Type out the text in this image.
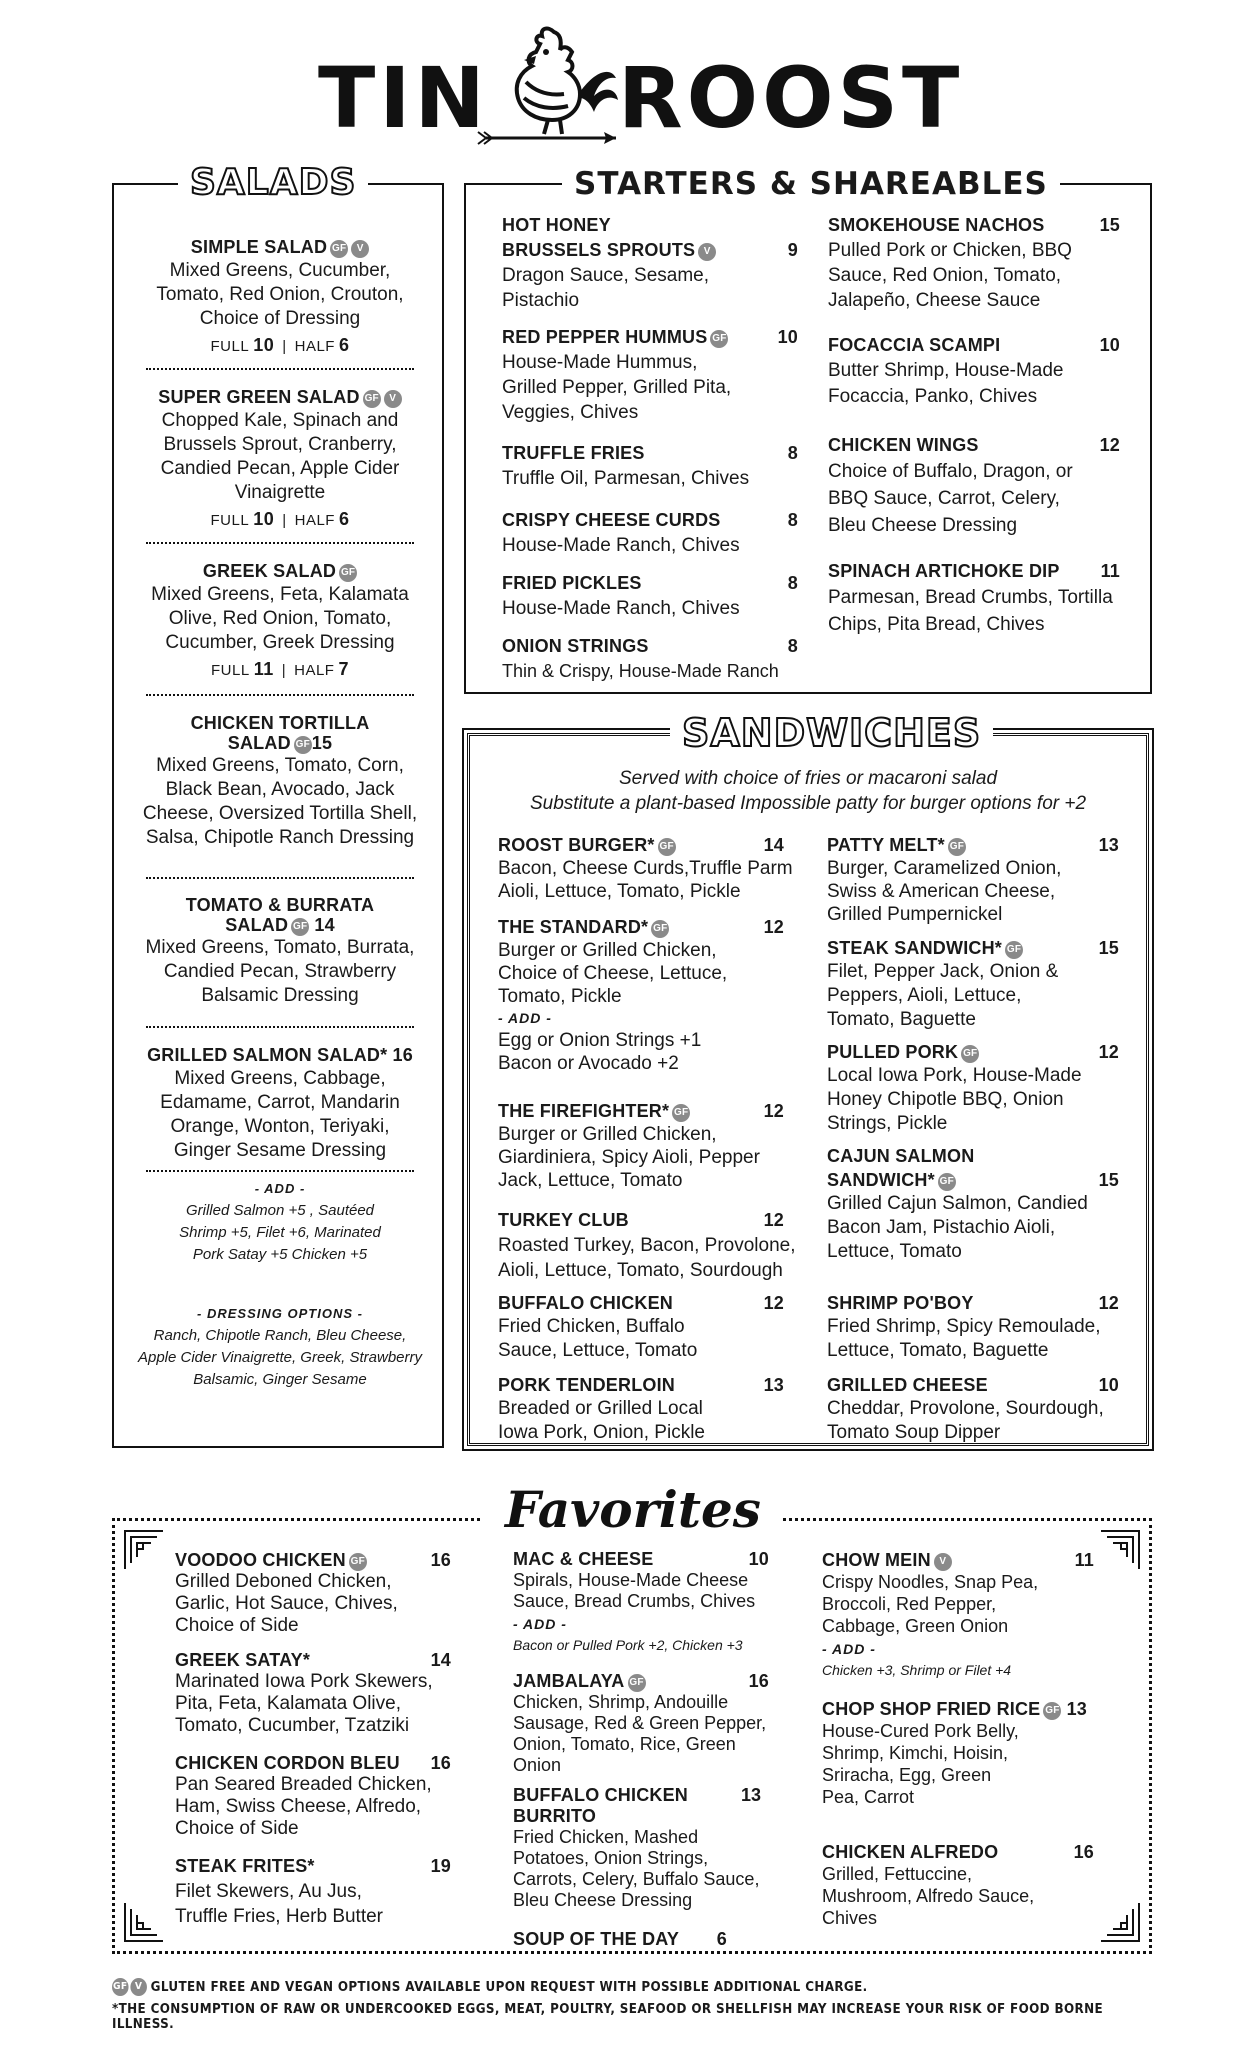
TIN ROOST
SALADS
SIMPLE SALAD GF V
Mixed Greens, Cucumber, Tomato, Red Onion, Crouton, Choice of Dressing
FULL 10 | HALF 6
SUPER GREEN SALAD GF V
Chopped Kale, Spinach and Brussels Sprout, Cranberry, Candied Pecan, Apple Cider Vinaigrette
FULL 10 | HALF 6
GREEK SALAD GF
Mixed Greens, Feta, Kalamata Olive, Red Onion, Tomato, Cucumber, Greek Dressing
FULL 11 | HALF 7
CHICKEN TORTILLA
SALAD GF 15
Mixed Greens, Tomato, Corn, Black Bean, Avocado, Jack Cheese, Oversized Tortilla Shell, Salsa, Chipotle Ranch Dressing
TOMATO & BURRATA
SALAD GF 14
Mixed Greens, Tomato, Burrata, Candied Pecan, Strawberry Balsamic Dressing
GRILLED SALMON SALAD* 16
Mixed Greens, Cabbage, Edamame, Carrot, Mandarin Orange, Wonton, Teriyaki, Ginger Sesame Dressing
- ADD -
Grilled Salmon +5 , Sautéed Shrimp +5, Filet +6, Marinated Pork Satay +5 Chicken +5
- DRESSING OPTIONS -
Ranch, Chipotle Ranch, Bleu Cheese, Apple Cider Vinaigrette, Greek, Strawberry Balsamic, Ginger Sesame
STARTERS & SHAREABLES
HOT HONEY
BRUSSELS SPROUTS V	9
Dragon Sauce, Sesame, Pistachio
RED PEPPER HUMMUS GF	10
House-Made Hummus, Grilled Pepper, Grilled Pita, Veggies, Chives
TRUFFLE FRIES	8
Truffle Oil, Parmesan, Chives
CRISPY CHEESE CURDS	8
House-Made Ranch, Chives
FRIED PICKLES	8
House-Made Ranch, Chives
ONION STRINGS	8
Thin & Crispy, House-Made Ranch
SMOKEHOUSE NACHOS	15
Pulled Pork or Chicken, BBQ Sauce, Red Onion, Tomato, Jalapeño, Cheese Sauce
FOCACCIA SCAMPI	10
Butter Shrimp, House-Made Focaccia, Panko, Chives
CHICKEN WINGS	12
Choice of Buffalo, Dragon, or BBQ Sauce, Carrot, Celery, Bleu Cheese Dressing
SPINACH ARTICHOKE DIP 11
Parmesan, Bread Crumbs, Tortilla Chips, Pita Bread, Chives
SANDWICHES
Served with choice of fries or macaroni salad
Substitute a plant-based Impossible patty for burger options for +2
ROOST BURGER* GF	14
Bacon, Cheese Curds,Truffle Parm Aioli, Lettuce, Tomato, Pickle
THE STANDARD* GF	12
Burger or Grilled Chicken, Choice of Cheese, Lettuce, Tomato, Pickle
- ADD -
Egg or Onion Strings +1
Bacon or Avocado +2
THE FIREFIGHTER* GF	12
Burger or Grilled Chicken, Giardiniera, Spicy Aioli, Pepper Jack, Lettuce, Tomato
TURKEY CLUB	12
Roasted Turkey, Bacon, Provolone, Aioli, Lettuce, Tomato, Sourdough
BUFFALO CHICKEN	12
Fried Chicken, Buffalo Sauce, Lettuce, Tomato
PORK TENDERLOIN	13
Breaded or Grilled Local Iowa Pork, Onion, Pickle
PATTY MELT* GF	13
Burger, Caramelized Onion, Swiss & American Cheese, Grilled Pumpernickel
STEAK SANDWICH* GF	15
Filet, Pepper Jack, Onion & Peppers, Aioli, Lettuce, Tomato, Baguette
PULLED PORK GF	12
Local Iowa Pork, House-Made Honey Chipotle BBQ, Onion Strings, Pickle
CAJUN SALMON
SANDWICH* GF	15
Grilled Cajun Salmon, Candied Bacon Jam, Pistachio Aioli, Lettuce, Tomato
SHRIMP PO'BOY	12
Fried Shrimp, Spicy Remoulade, Lettuce, Tomato, Baguette
GRILLED CHEESE	10
Cheddar, Provolone, Sourdough, Tomato Soup Dipper
Favorites
VOODOO CHICKEN GF	16
Grilled Deboned Chicken, Garlic, Hot Sauce, Chives, Choice of Side
GREEK SATAY*	14
Marinated Iowa Pork Skewers, Pita, Feta, Kalamata Olive, Tomato, Cucumber, Tzatziki
CHICKEN CORDON BLEU 16
Pan Seared Breaded Chicken, Ham, Swiss Cheese, Alfredo, Choice of Side
STEAK FRITES*	19
Filet Skewers, Au Jus, Truffle Fries, Herb Butter
MAC & CHEESE	10
Spirals, House-Made Cheese Sauce, Bread Crumbs, Chives
- ADD -
Bacon or Pulled Pork +2, Chicken +3
JAMBALAYA GF	16
Chicken, Shrimp, Andouille Sausage, Red & Green Pepper, Onion, Tomato, Rice, Green Onion
BUFFALO CHICKEN
BURRITO
13
Fried Chicken, Mashed Potatoes, Onion Strings, Carrots, Celery, Buffalo Sauce, Bleu Cheese Dressing
SOUP OF THE DAY 6
CHOW MEIN V	11
Crispy Noodles, Snap Pea, Broccoli, Red Pepper, Cabbage, Green Onion
- ADD -
Chicken +3, Shrimp or Filet +4
CHOP SHOP FRIED RICE GF 13
House-Cured Pork Belly, Shrimp, Kimchi, Hoisin, Sriracha, Egg, Green Pea, Carrot
CHICKEN ALFREDO	16
Grilled, Fettuccine, Mushroom, Alfredo Sauce, Chives
GF V GLUTEN FREE AND VEGAN OPTIONS AVAILABLE UPON REQUEST WITH POSSIBLE ADDITIONAL CHARGE.
*THE CONSUMPTION OF RAW OR UNDERCOOKED EGGS, MEAT, POULTRY, SEAFOOD OR SHELLFISH MAY INCREASE YOUR RISK OF FOOD BORNE ILLNESS.
